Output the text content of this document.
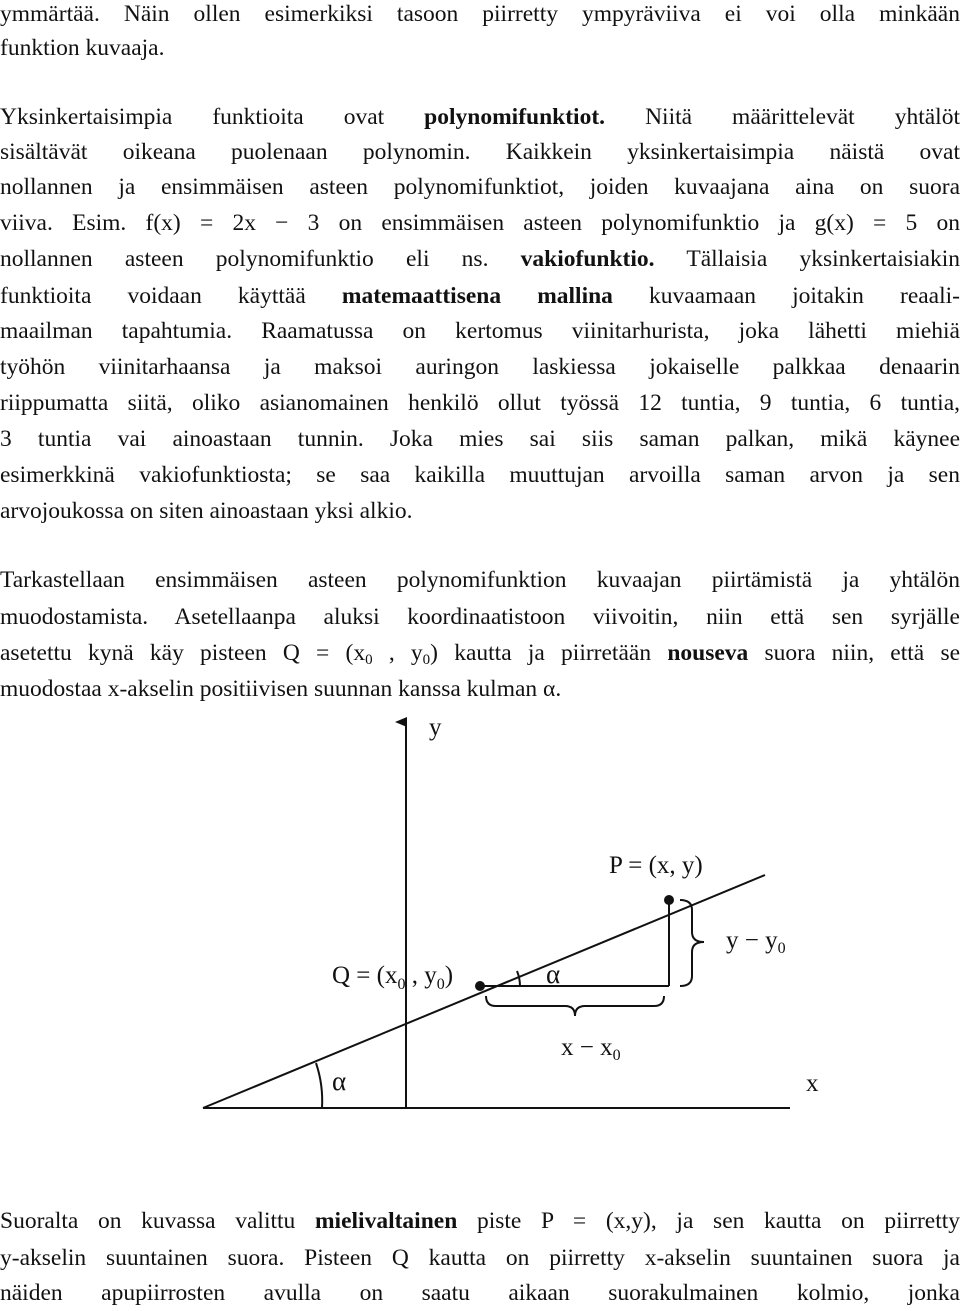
ymmärtää. Näin ollen esimerkiksi tasoon piirretty ympyräviiva ei voi olla minkään

funktion kuvaaja.

Yksinkertaisimpia funktioita ovat polynomifunktiot. Niitä määrittelevät yhtälöt

sisältävät oikeana puolenaan polynomin. Kaikkein yksinkertaisimpia näistä ovat

nollannen ja ensimmäisen asteen polynomifunktiot, joiden kuvaajana aina on suora

viiva. Esim. f(x) = 2x − 3 on ensimmäisen asteen polynomifunktio ja g(x) = 5 on

nollannen asteen polynomifunktio eli ns. vakiofunktio. Tällaisia yksinkertaisiakin

funktioita voidaan käyttää matemaattisena mallina kuvaamaan joitakin reaali-

maailman tapahtumia. Raamatussa on kertomus viinitarhurista, joka lähetti miehiä

työhön viinitarhaansa ja maksoi auringon laskiessa jokaiselle palkkaa denaarin

riippumatta siitä, oliko asianomainen henkilö ollut työssä 12 tuntia, 9 tuntia, 6 tuntia,

3 tuntia vai ainoastaan tunnin. Joka mies sai siis saman palkan, mikä käynee

esimerkkinä vakiofunktiosta; se saa kaikilla muuttujan arvoilla saman arvon ja sen

arvojoukossa on siten ainoastaan yksi alkio.

Tarkastellaan ensimmäisen asteen polynomifunktion kuvaajan piirtämistä ja yhtälön

muodostamista. Asetellaanpa aluksi koordinaatistoon viivoitin, niin että sen syrjälle

asetettu kynä käy pisteen $Q = (x_0$ , $y_0$) kautta ja piirretään nouseva suora niin, että se

muodostaa x-akselin positiivisen suunnan kanssa kulman α.

y
x
P = (x, y)
$Q = (x_0$ , $y_0$)	α
α
$y - y_0$
$x - x_0$

Suoralta on kuvassa valittu mielivaltainen piste P = (x,y), ja sen kautta on piirretty

y-akselin suuntainen suora. Pisteen Q kautta on piirretty x-akselin suuntainen suora ja

näiden apupiirrosten avulla on saatu aikaan suorakulmainen kolmio, jonka
